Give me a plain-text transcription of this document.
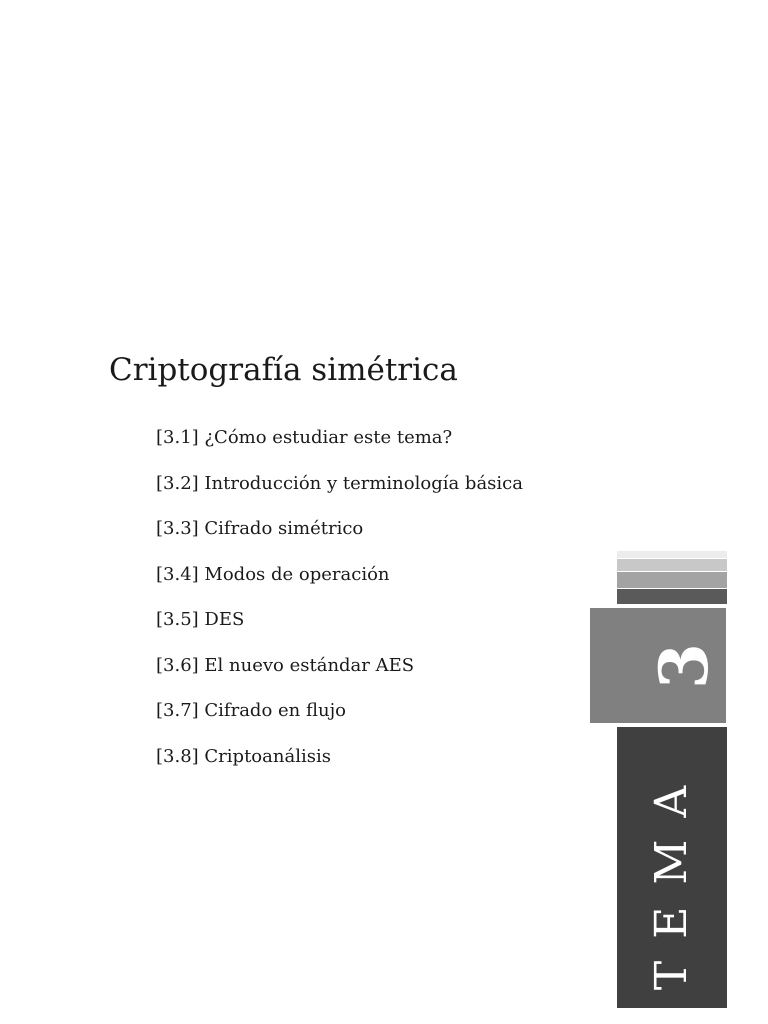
Criptografía simétrica
[3.1] ¿Cómo estudiar este tema?
[3.2] Introducción y terminología básica
[3.3] Cifrado simétrico
[3.4] Modos de operación
[3.5] DES
[3.6] El nuevo estándar AES
[3.7] Cifrado en flujo
[3.8] Criptoanálisis
3
TEMA
